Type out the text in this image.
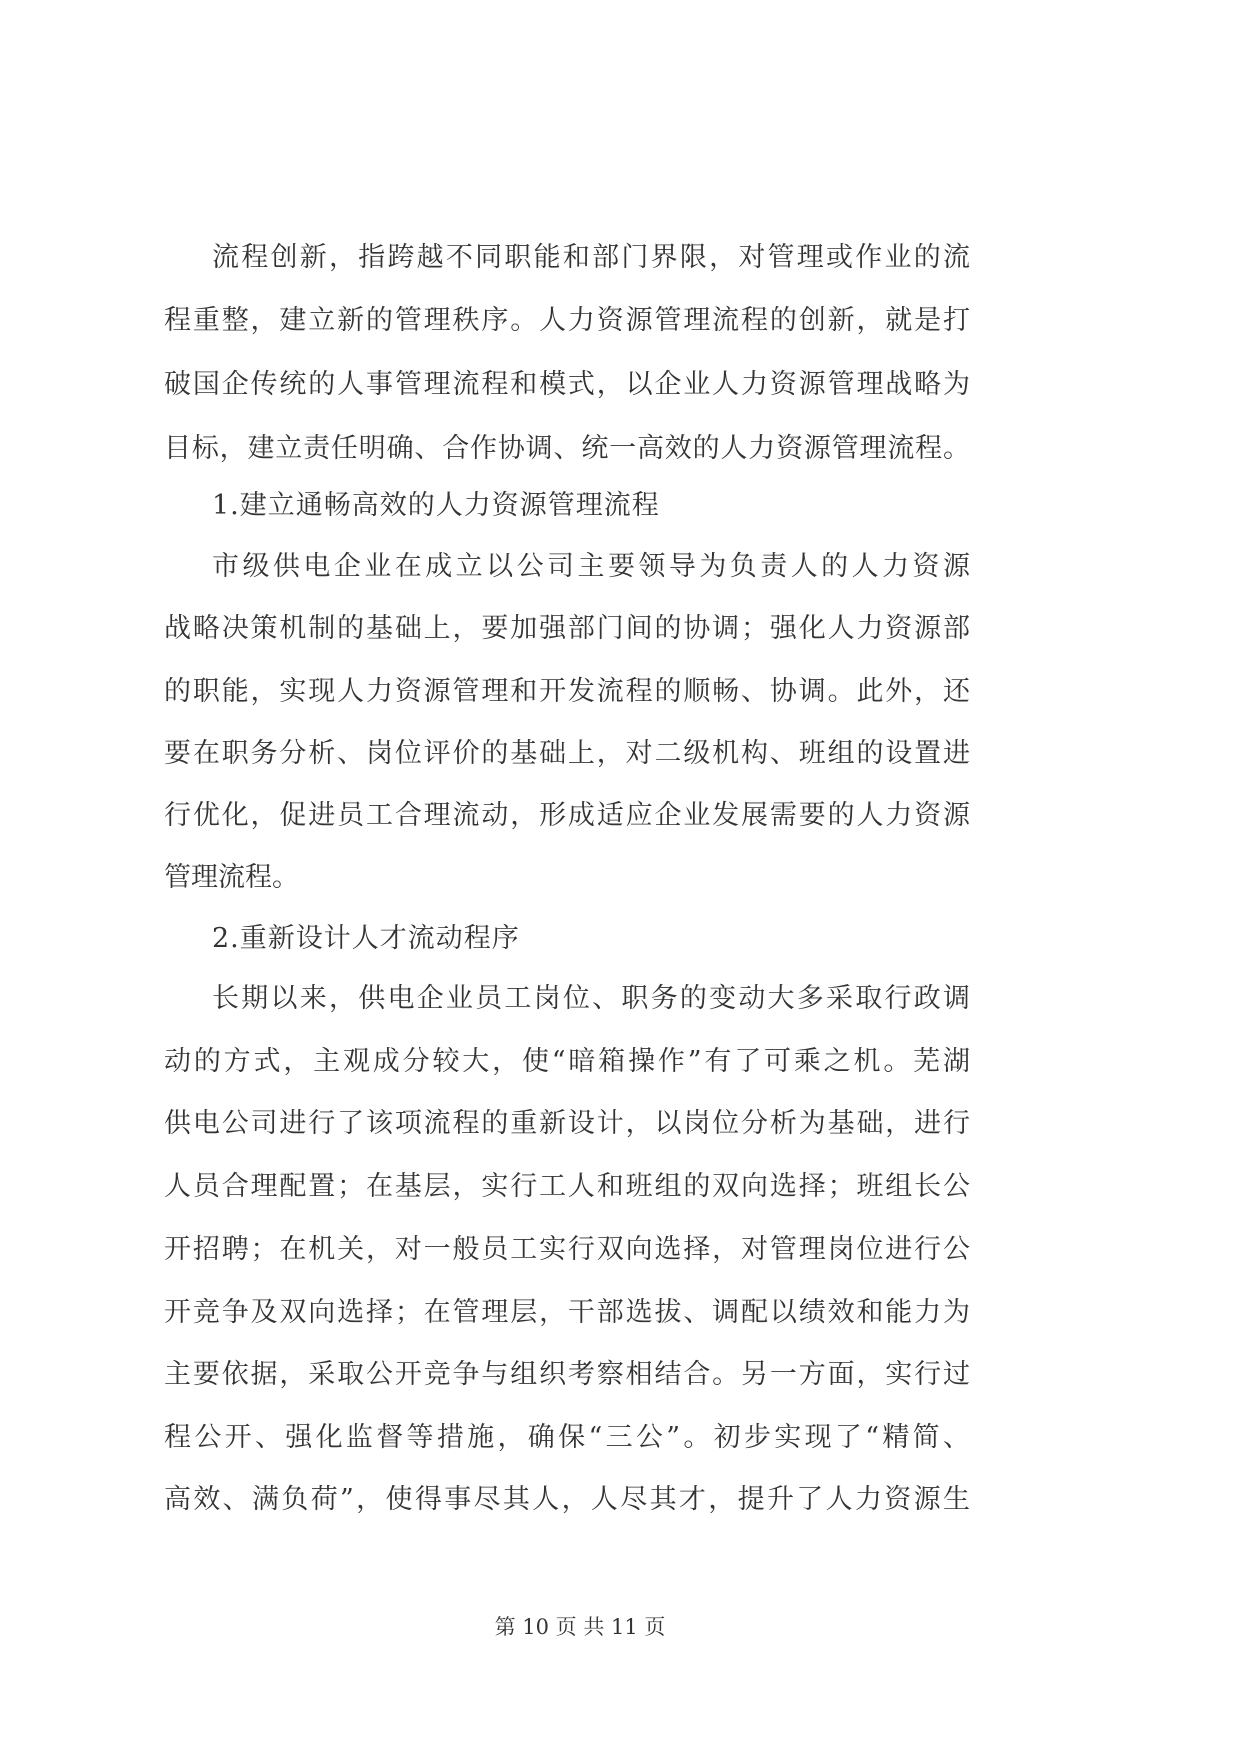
流程创新，指跨越不同职能和部门界限，对管理或作业的流
程重整，建立新的管理秩序。人力资源管理流程的创新，就是打
破国企传统的人事管理流程和模式，以企业人力资源管理战略为
目标，建立责任明确、合作协调、统一高效的人力资源管理流程。
1.建立通畅高效的人力资源管理流程
市级供电企业在成立以公司主要领导为负责人的人力资源
战略决策机制的基础上，要加强部门间的协调；强化人力资源部
的职能，实现人力资源管理和开发流程的顺畅、协调。此外，还
要在职务分析、岗位评价的基础上，对二级机构、班组的设置进
行优化，促进员工合理流动，形成适应企业发展需要的人力资源
管理流程。
2.重新设计人才流动程序
长期以来，供电企业员工岗位、职务的变动大多采取行政调
动的方式，主观成分较大，使“暗箱操作”有了可乘之机。芜湖
供电公司进行了该项流程的重新设计，以岗位分析为基础，进行
人员合理配置；在基层，实行工人和班组的双向选择；班组长公
开招聘；在机关，对一般员工实行双向选择，对管理岗位进行公
开竞争及双向选择；在管理层，干部选拔、调配以绩效和能力为
主要依据，采取公开竞争与组织考察相结合。另一方面，实行过
程公开、强化监督等措施，确保“三公”。初步实现了“精简、
高效、满负荷”，使得事尽其人，人尽其才，提升了人力资源生
第 10 页 共 11 页
